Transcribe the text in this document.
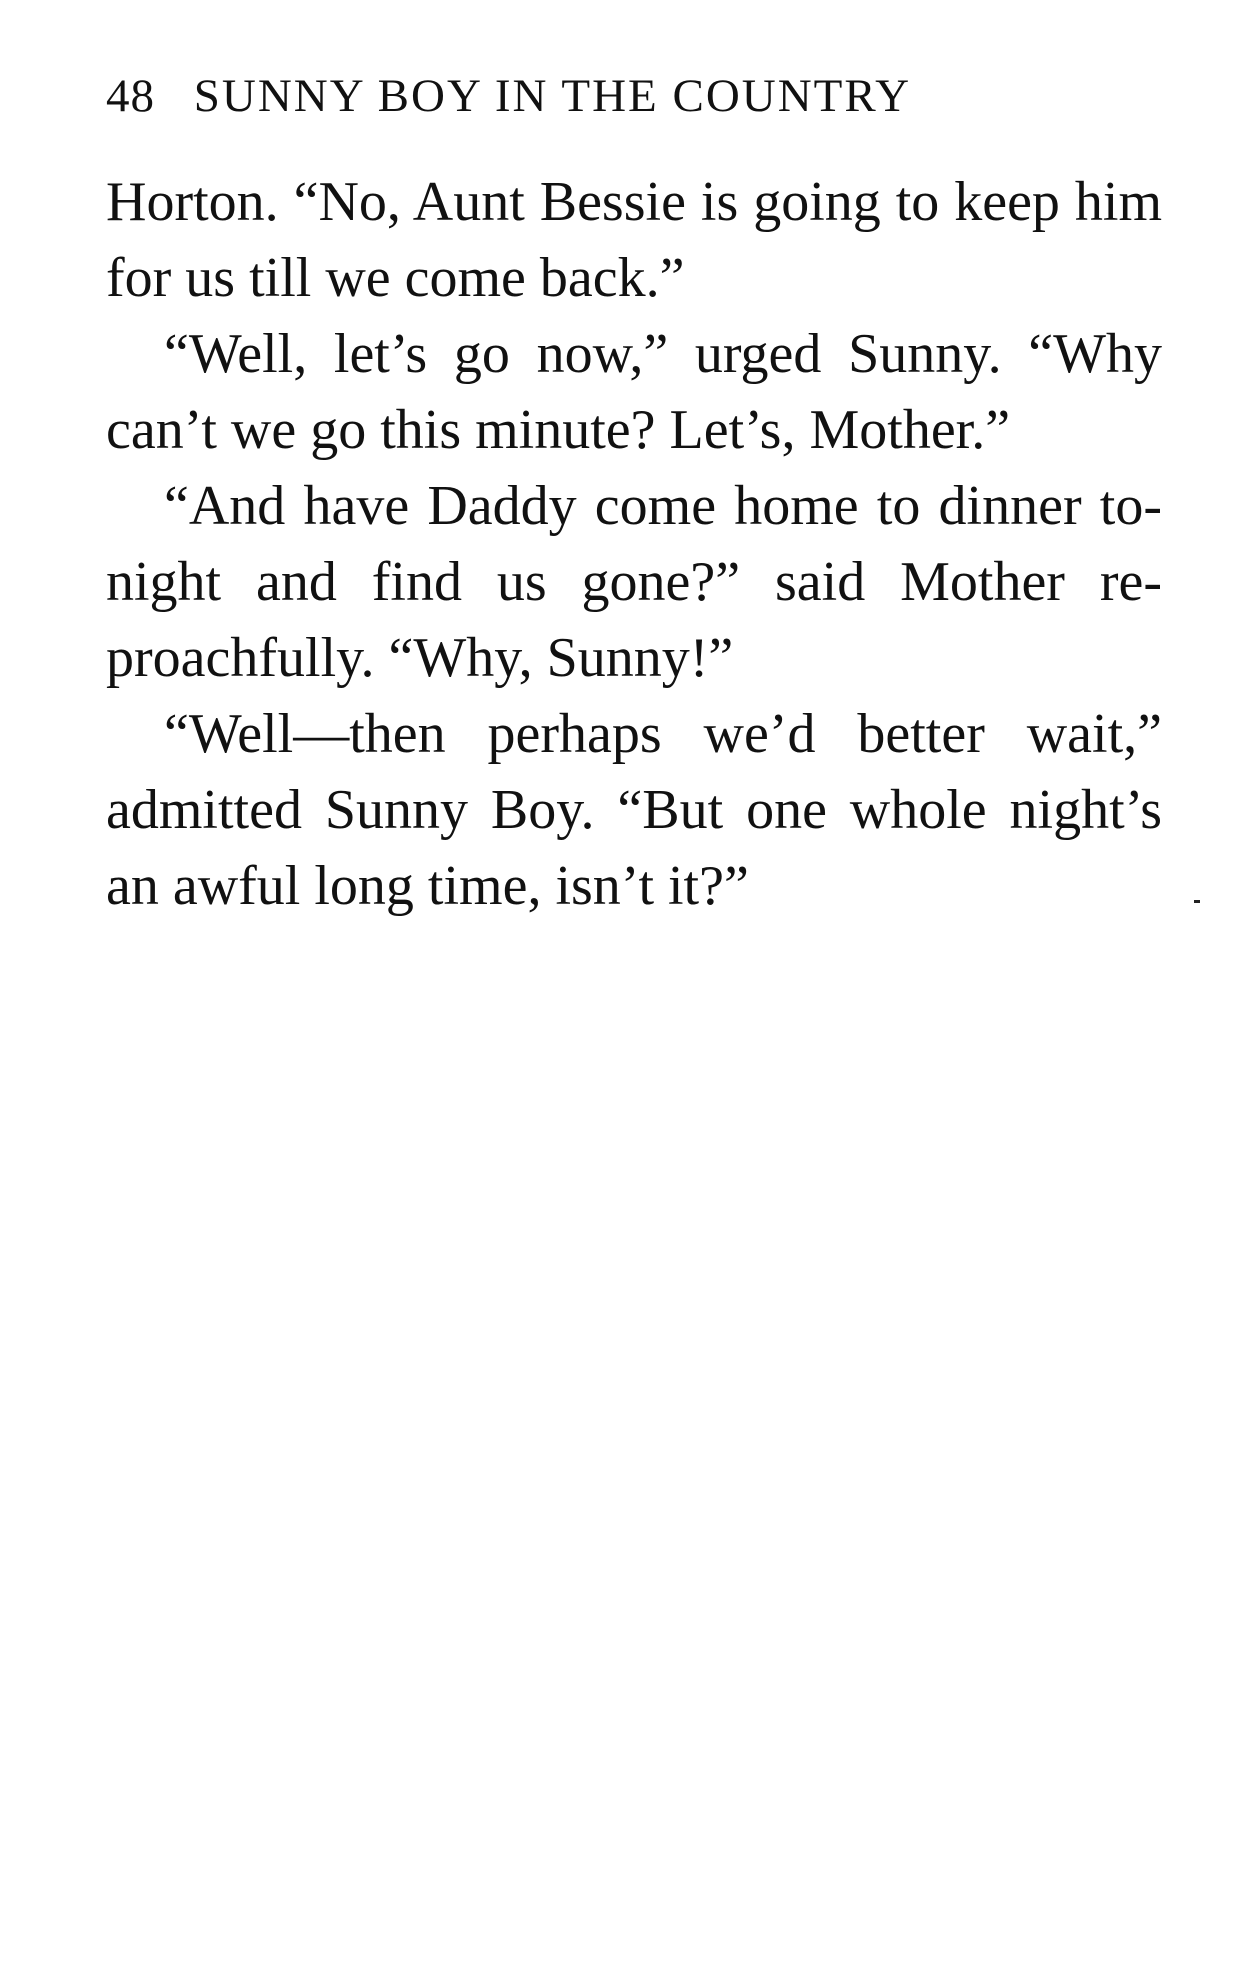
48 SUNNY BOY IN THE COUNTRY

Horton. “No, Aunt Bessie is going to keep him for us till we come back.”

“Well, let’s go now,” urged Sunny. “Why can’t we go this minute? Let’s, Mother.”

“And have Daddy come home to dinner to-night and find us gone?” said Mother re-proachfully. “Why, Sunny!”

“Well—then perhaps we’d better wait,” admitted Sunny Boy. “But one whole night’s an awful long time, isn’t it?”
